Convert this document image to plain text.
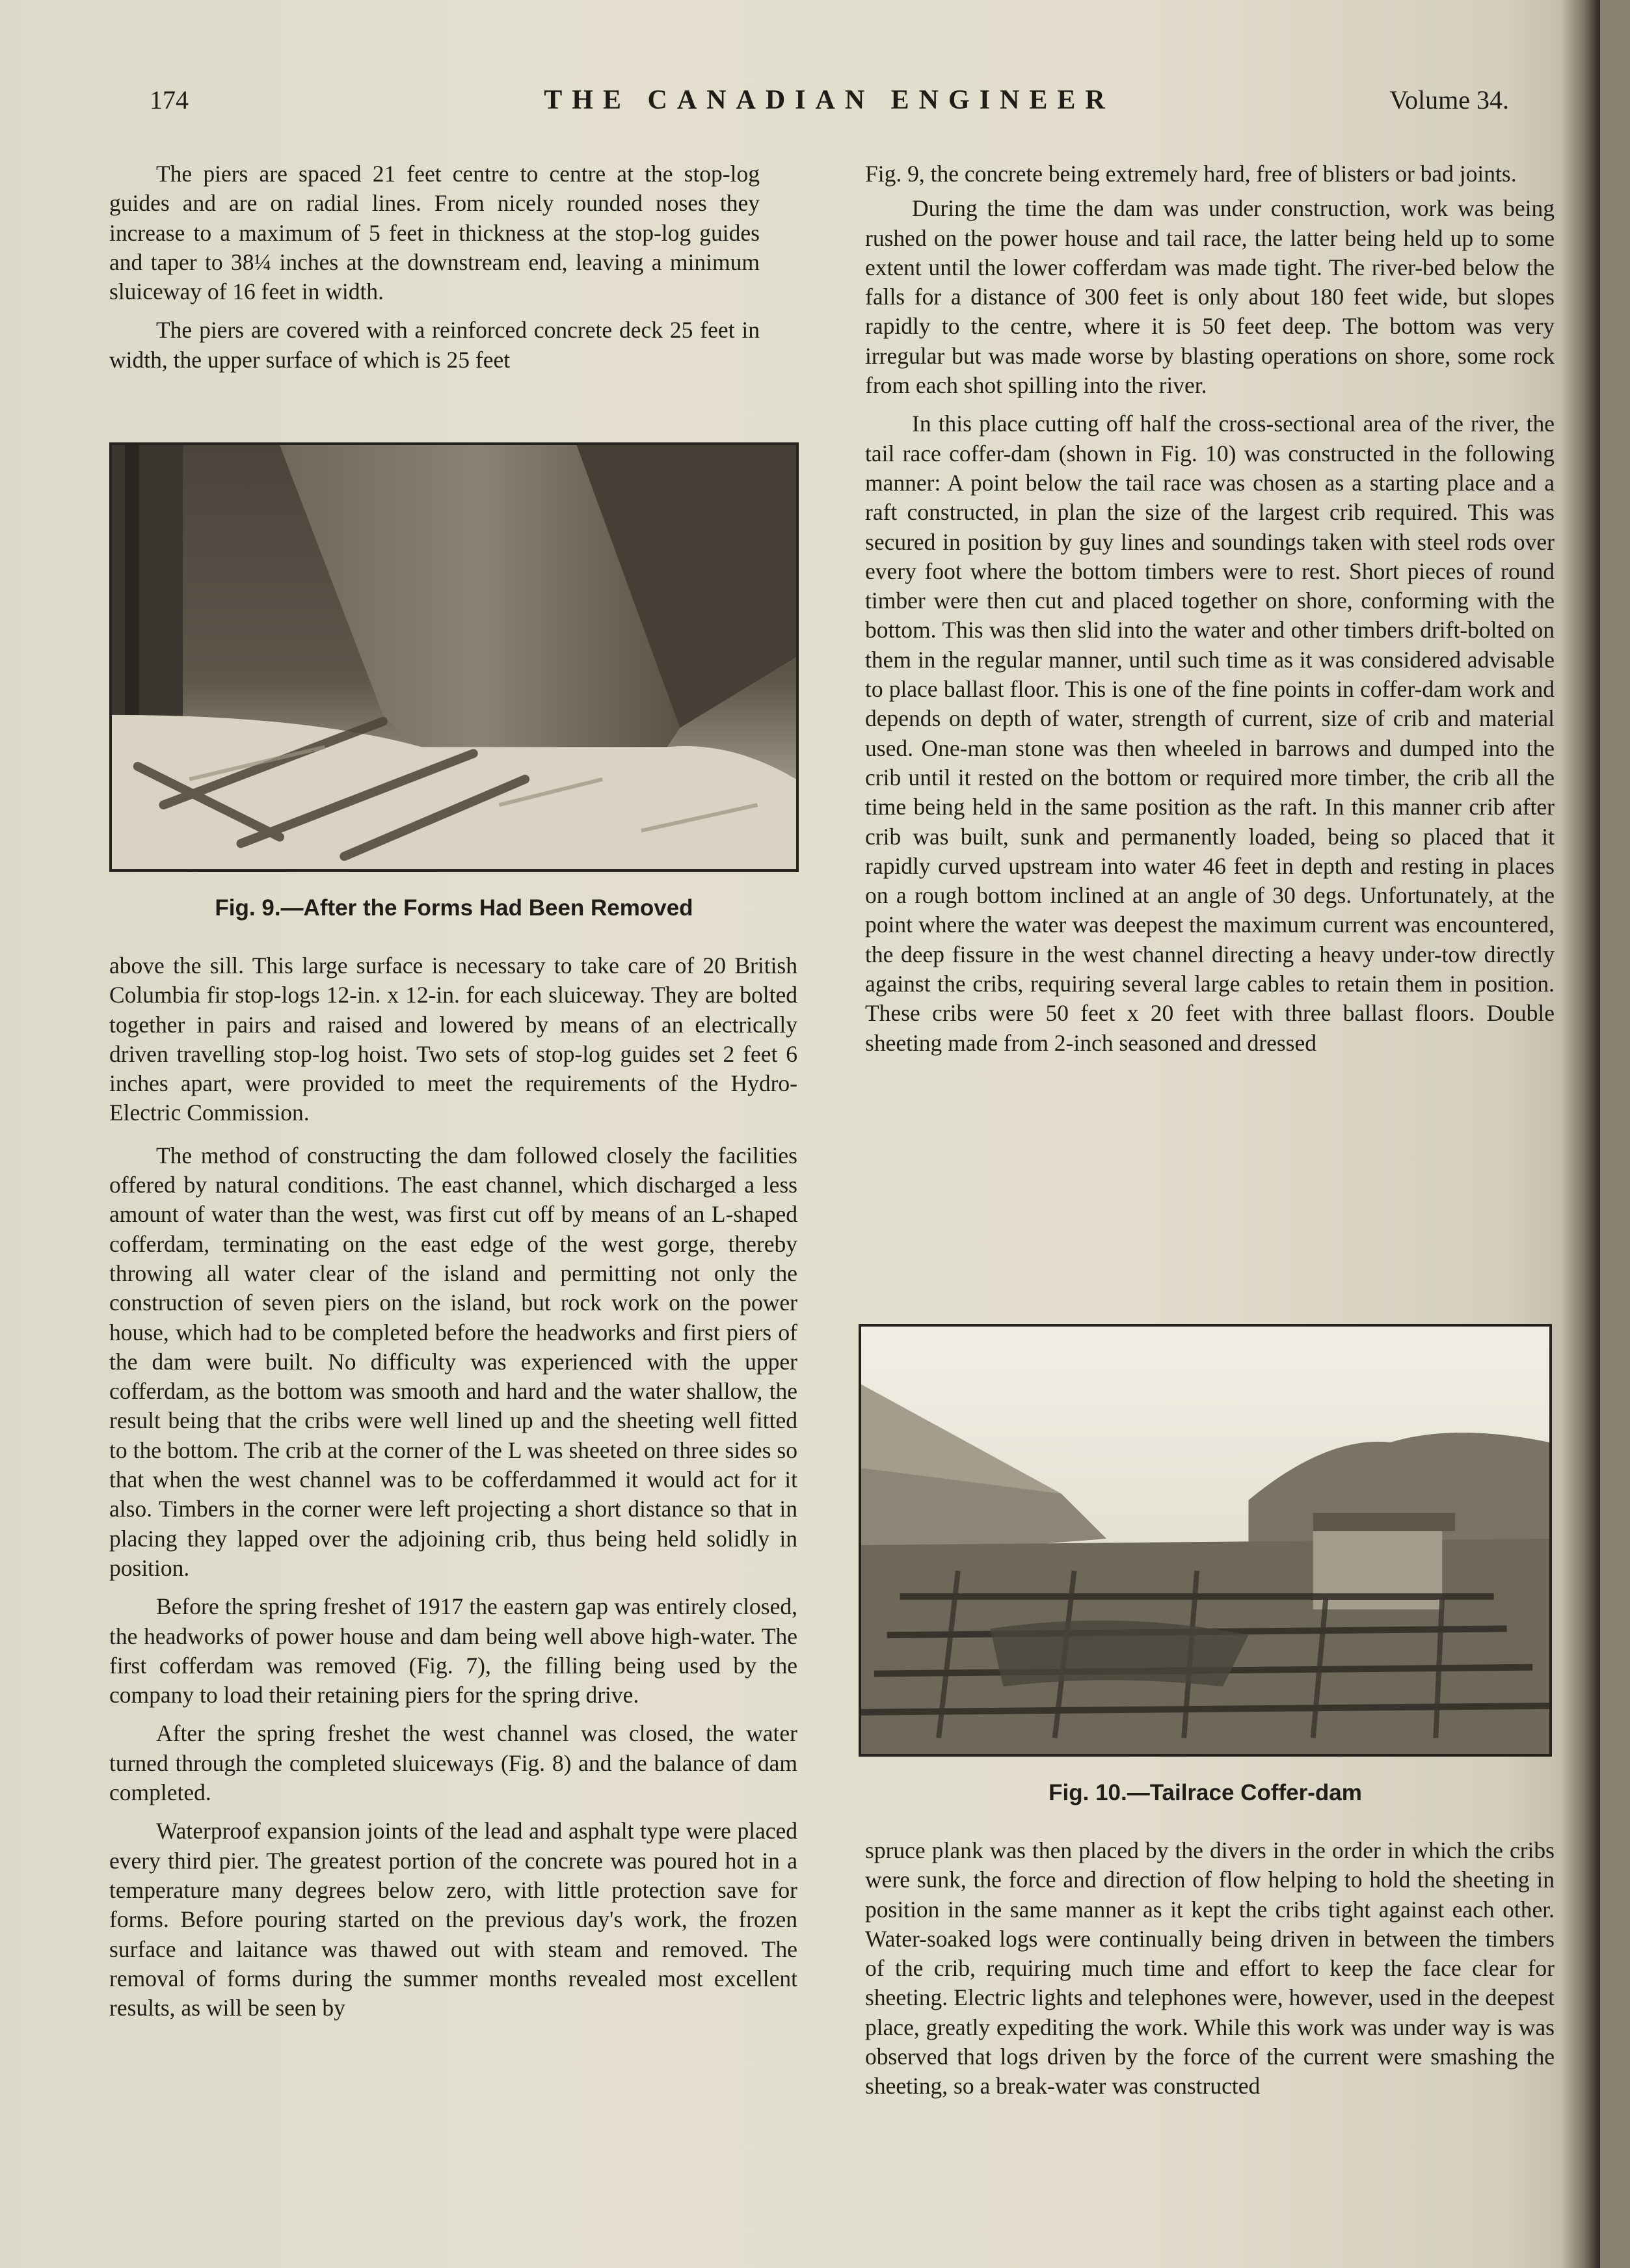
174	THE CANADIAN ENGINEER	Volume 34.

The piers are spaced 21 feet centre to centre at the stop-log guides and are on radial lines. From nicely rounded noses they increase to a maximum of 5 feet in thickness at the stop-log guides and taper to 38¼ inches at the downstream end, leaving a minimum sluiceway of 16 feet in width.

The piers are covered with a reinforced concrete deck 25 feet in width, the upper surface of which is 25 feet

Fig. 9.—After the Forms Had Been Removed

above the sill. This large surface is necessary to take care of 20 British Columbia fir stop-logs 12-in. x 12-in. for each sluiceway. They are bolted together in pairs and raised and lowered by means of an electrically driven travelling stop-log hoist. Two sets of stop-log guides set 2 feet 6 inches apart, were provided to meet the requirements of the Hydro-Electric Commission.

The method of constructing the dam followed closely the facilities offered by natural conditions. The east channel, which discharged a less amount of water than the west, was first cut off by means of an L-shaped cofferdam, terminating on the east edge of the west gorge, thereby throwing all water clear of the island and permitting not only the construction of seven piers on the island, but rock work on the power house, which had to be completed before the headworks and first piers of the dam were built. No difficulty was experienced with the upper cofferdam, as the bottom was smooth and hard and the water shallow, the result being that the cribs were well lined up and the sheeting well fitted to the bottom. The crib at the corner of the L was sheeted on three sides so that when the west channel was to be cofferdammed it would act for it also. Timbers in the corner were left projecting a short distance so that in placing they lapped over the adjoining crib, thus being held solidly in position.

Before the spring freshet of 1917 the eastern gap was entirely closed, the headworks of power house and dam being well above high-water. The first cofferdam was removed (Fig. 7), the filling being used by the company to load their retaining piers for the spring drive.

After the spring freshet the west channel was closed, the water turned through the completed sluiceways (Fig. 8) and the balance of dam completed.

Waterproof expansion joints of the lead and asphalt type were placed every third pier. The greatest portion of the concrete was poured hot in a temperature many degrees below zero, with little protection save for forms. Before pouring started on the previous day's work, the frozen surface and laitance was thawed out with steam and removed. The removal of forms during the summer months revealed most excellent results, as will be seen by

Fig. 9, the concrete being extremely hard, free of blisters or bad joints.

During the time the dam was under construction, work was being rushed on the power house and tail race, the latter being held up to some extent until the lower cofferdam was made tight. The river-bed below the falls for a distance of 300 feet is only about 180 feet wide, but slopes rapidly to the centre, where it is 50 feet deep. The bottom was very irregular but was made worse by blasting operations on shore, some rock from each shot spilling into the river.

In this place cutting off half the cross-sectional area of the river, the tail race coffer-dam (shown in Fig. 10) was constructed in the following manner: A point below the tail race was chosen as a starting place and a raft constructed, in plan the size of the largest crib required. This was secured in position by guy lines and soundings taken with steel rods over every foot where the bottom timbers were to rest. Short pieces of round timber were then cut and placed together on shore, conforming with the bottom. This was then slid into the water and other timbers drift-bolted on them in the regular manner, until such time as it was considered advisable to place ballast floor. This is one of the fine points in coffer-dam work and depends on depth of water, strength of current, size of crib and material used. One-man stone was then wheeled in barrows and dumped into the crib until it rested on the bottom or required more timber, the crib all the time being held in the same position as the raft. In this manner crib after crib was built, sunk and permanently loaded, being so placed that it rapidly curved upstream into water 46 feet in depth and resting in places on a rough bottom inclined at an angle of 30 degs. Unfortunately, at the point where the water was deepest the maximum current was encountered, the deep fissure in the west channel directing a heavy under-tow directly against the cribs, requiring several large cables to retain them in position. These cribs were 50 feet x 20 feet with three ballast floors. Double sheeting made from 2-inch seasoned and dressed

Fig. 10.—Tailrace Coffer-dam

spruce plank was then placed by the divers in the order in which the cribs were sunk, the force and direction of flow helping to hold the sheeting in position in the same manner as it kept the cribs tight against each other. Water-soaked logs were continually being driven in between the timbers of the crib, requiring much time and effort to keep the face clear for sheeting. Electric lights and telephones were, however, used in the deepest place, greatly expediting the work. While this work was under way is was observed that logs driven by the force of the current were smashing the sheeting, so a break-water was constructed
